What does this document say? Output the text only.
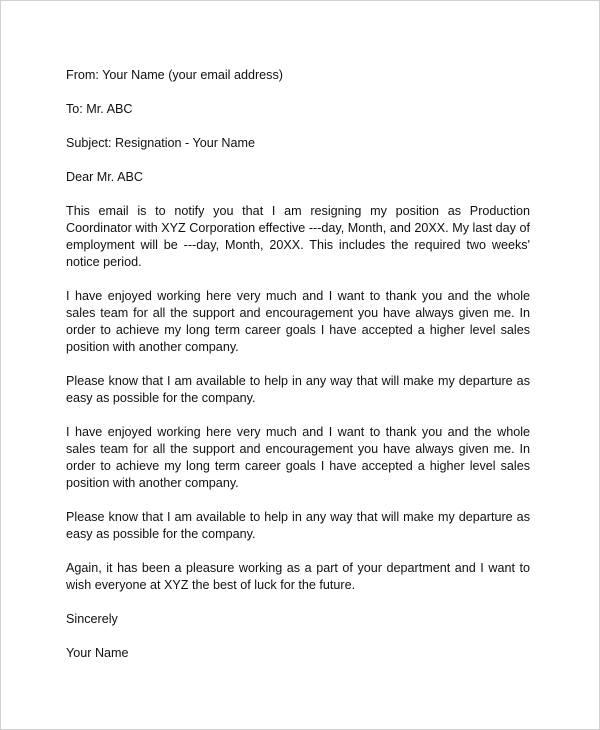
From: Your Name (your email address)

To: Mr. ABC

Subject: Resignation - Your Name

Dear Mr. ABC

This email is to notify you that I am resigning my position as Production Coordinator with XYZ Corporation effective ---day, Month, and 20XX. My last day of employment will be ---day, Month, 20XX. This includes the required two weeks' notice period.

I have enjoyed working here very much and I want to thank you and the whole sales team for all the support and encouragement you have always given me. In order to achieve my long term career goals I have accepted a higher level sales position with another company.

Please know that I am available to help in any way that will make my departure as easy as possible for the company.

I have enjoyed working here very much and I want to thank you and the whole sales team for all the support and encouragement you have always given me. In order to achieve my long term career goals I have accepted a higher level sales position with another company.

Please know that I am available to help in any way that will make my departure as easy as possible for the company.

Again, it has been a pleasure working as a part of your department and I want to wish everyone at XYZ the best of luck for the future.

Sincerely

Your Name
